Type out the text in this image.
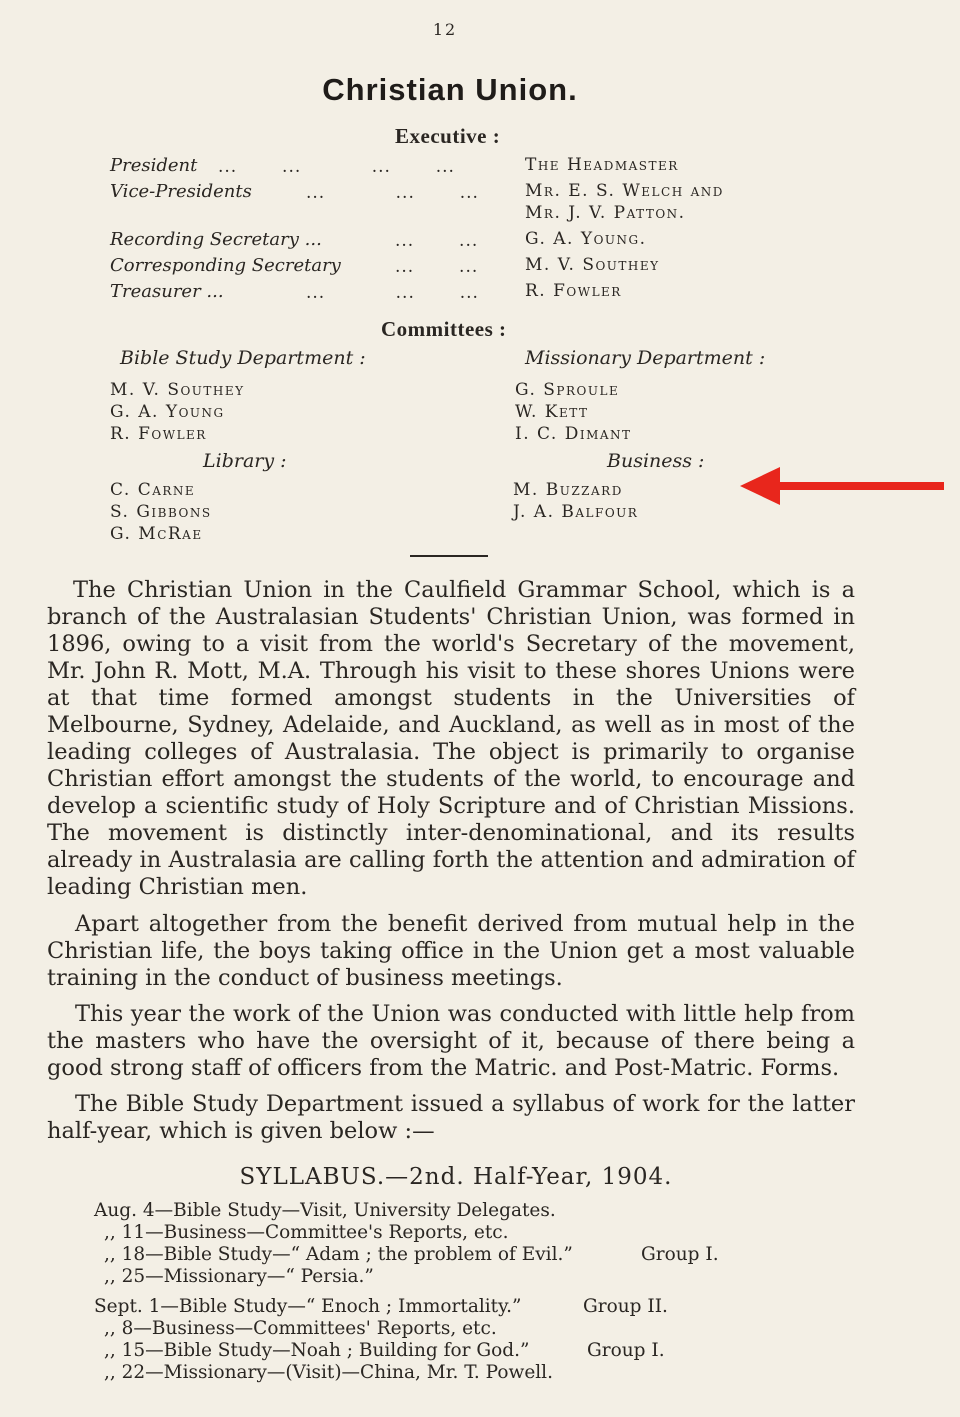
12
Christian Union.
Executive :
President ...       ...           ...       ...	The Headmaster
Vice-Presidents	...           ...       ...	Mr. E. S. Welch and
Mr. J. V. Patton.
Recording Secretary ...	...       ...	G. A. Young.
Corresponding Secretary	...       ...	M. V. Southey
Treasurer ...	...           ...       ...	R. Fowler
Committees :
Bible Study Department :
M. V. Southey
G. A. Young
R. Fowler
Missionary Department :
G. Sproule
W. Kett
I. C. Dimant
Library :
C. Carne
S. Gibbons
G. McRae
Business :
M. Buzzard
J. A. Balfour
The Christian Union in the Caulfield Grammar School, which is a branch of the Australasian Students' Christian Union, was formed in 1896, owing to a visit from the world's Secretary of the movement, Mr. John R. Mott, M.A. Through his visit to these shores Unions were at that time formed amongst students in the Universities of Melbourne, Sydney, Adelaide, and Auckland, as well as in most of the leading colleges of Australasia. The object is primarily to organise Christian effort amongst the students of the world, to encourage and develop a scientific study of Holy Scripture and of Christian Missions. The movement is distinctly inter-denominational, and its results already in Australasia are calling forth the attention and admiration of leading Christian men.
Apart altogether from the benefit derived from mutual help in the Christian life, the boys taking office in the Union get a most valuable training in the conduct of business meetings.
This year the work of the Union was conducted with little help from the masters who have the oversight of it, because of there being a good strong staff of officers from the Matric. and Post-Matric. Forms.
The Bible Study Department issued a syllabus of work for the latter half-year, which is given below :—
SYLLABUS.—2nd. Half-Year, 1904.
Aug. 4—Bible Study—Visit, University Delegates.
,, 11—Business—Committee's Reports, etc.
,, 18—Bible Study—“ Adam ; the problem of Evil.”	Group I.
,, 25—Missionary—“ Persia.”
Sept. 1—Bible Study—“ Enoch ; Immortality.”	Group II.
,, 8—Business—Committees' Reports, etc.
,, 15—Bible Study—Noah ; Building for God.”	Group I.
,, 22—Missionary—(Visit)—China, Mr. T. Powell.
